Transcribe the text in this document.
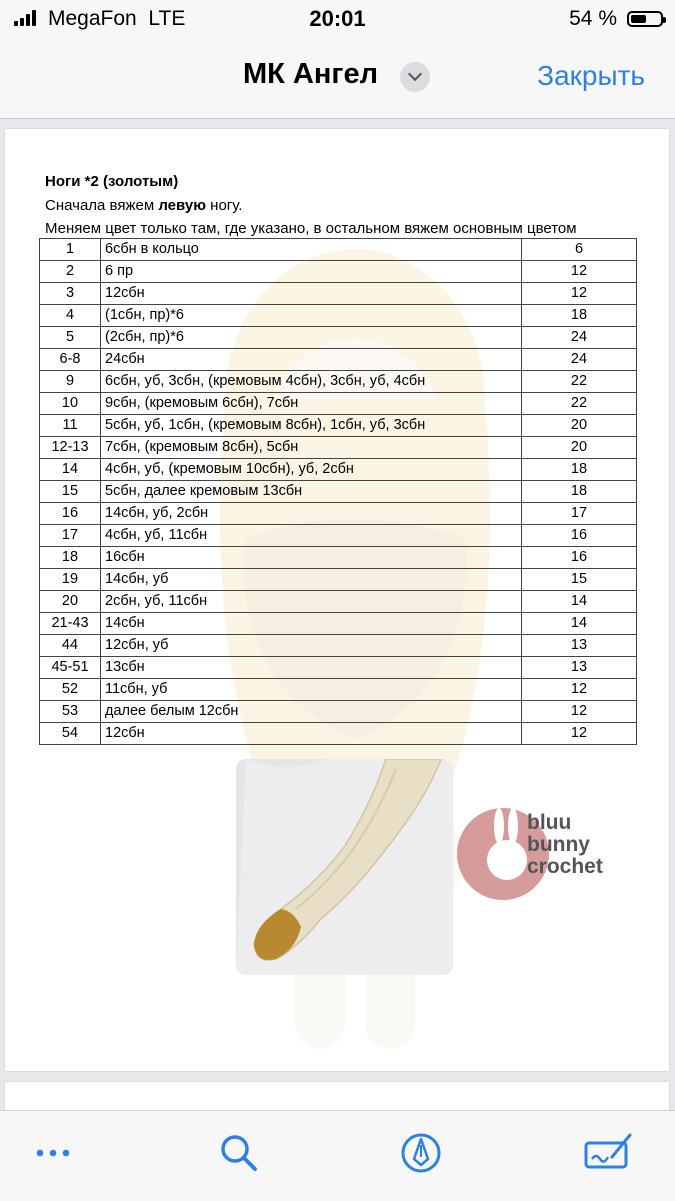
MegaFon LTE	20:01	54 %
МК Ангел	Закрыть
Ноги *2 (золотым)
Сначала вяжем левую ногу.
Меняем цвет только там, где указано, в остальном вяжем основным цветом
1	6сбн в кольцо	6
2	6 пр	12
3	12сбн	12
4	(1сбн, пр)*6	18
5	(2сбн, пр)*6	24
6-8	24сбн	24
9	6сбн, уб, 3сбн, (кремовым 4сбн), 3сбн, уб, 4сбн	22
10	9сбн, (кремовым 6сбн), 7сбн	22
11	5сбн, уб, 1сбн, (кремовым 8сбн), 1сбн, уб, 3сбн	20
12-13	7сбн, (кремовым 8сбн), 5сбн	20
14	4сбн, уб, (кремовым 10сбн), уб, 2сбн	18
15	5сбн, далее кремовым 13сбн	18
16	14сбн, уб, 2сбн	17
17	4сбн, уб, 11сбн	16
18	16сбн	16
19	14сбн, уб	15
20	2сбн, уб, 11сбн	14
21-43	14сбн	14
44	12сбн, уб	13
45-51	13сбн	13
52	11сбн, уб	12
53	далее белым 12сбн	12
54	12сбн	12
bluu
bunny
crochet
